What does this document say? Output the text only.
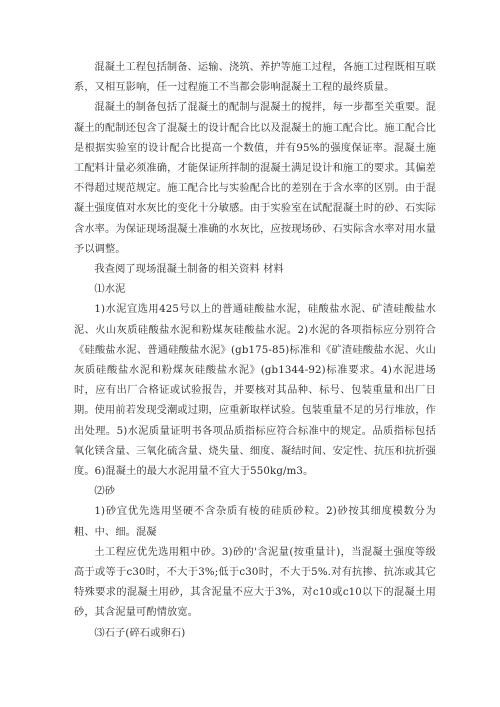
混凝土工程包括制备、运输、浇筑、养护等施工过程，各施工过程既相互联系，又相互影响，任一过程施工不当都会影响混凝土工程的最终质量。

混凝土的制备包括了混凝土的配制与混凝土的搅拌，每一步都至关重要。混凝土的配制还包含了混凝土的设计配合比以及混凝土的施工配合比。施工配合比是根据实验室的设计配合比提高一个数值，并有95%的强度保证率。混凝土施工配料计量必须准确，才能保证所拌制的混凝土满足设计和施工的要求。其偏差不得超过规范规定。施工配合比与实验配合比的差别在于含水率的区别。由于混凝土强度值对水灰比的变化十分敏感。由于实验室在试配混凝土时的砂、石实际含水率。为保证现场混凝土准确的水灰比，应按现场砂、石实际含水率对用水量予以调整。

我查阅了现场混凝土制备的相关资料 材料

⑴水泥

1)水泥宜选用425号以上的普通硅酸盐水泥，硅酸盐水泥、矿渣硅酸盐水泥、火山灰质硅酸盐水泥和粉煤灰硅酸盐水泥。2)水泥的各项指标应分别符合《硅酸盐水泥、普通硅酸盐水泥》(gb175-85)标准和《矿渣硅酸盐水泥、火山灰质硅酸盐水泥和粉煤灰硅酸盐水泥》(gb1344-92)标准要求。4)水泥进场时，应有出厂合格证或试验报告，并要核对其品种、标号、包装重量和出厂日期。使用前若发现受潮或过期，应重新取样试验。包装重量不足的另行堆放，作出处理。5)水泥质量证明书各项品质指标应符合标准中的规定。品质指标包括氧化镁含量、三氧化硫含量、烧失量、细度、凝结时间、安定性、抗压和抗折强度。6)混凝土的最大水泥用量不宜大于550kg/m3。

⑵砂

1)砂宜优先选用坚硬不含杂质有棱的硅质砂粒。2)砂按其细度模数分为粗、中、细。混凝

土工程应优先选用粗中砂。3)砂的'含泥量(按重量计)，当混凝土强度等级高于或等于c30时，不大于3%;低于c30时，不大于5%.对有抗掺、抗冻或其它特殊要求的混凝土用砂，其含泥量不应大于3%，对c10或c10以下的混凝土用砂，其含泥量可酌情放宽。

⑶石子(碎石或卵石)
